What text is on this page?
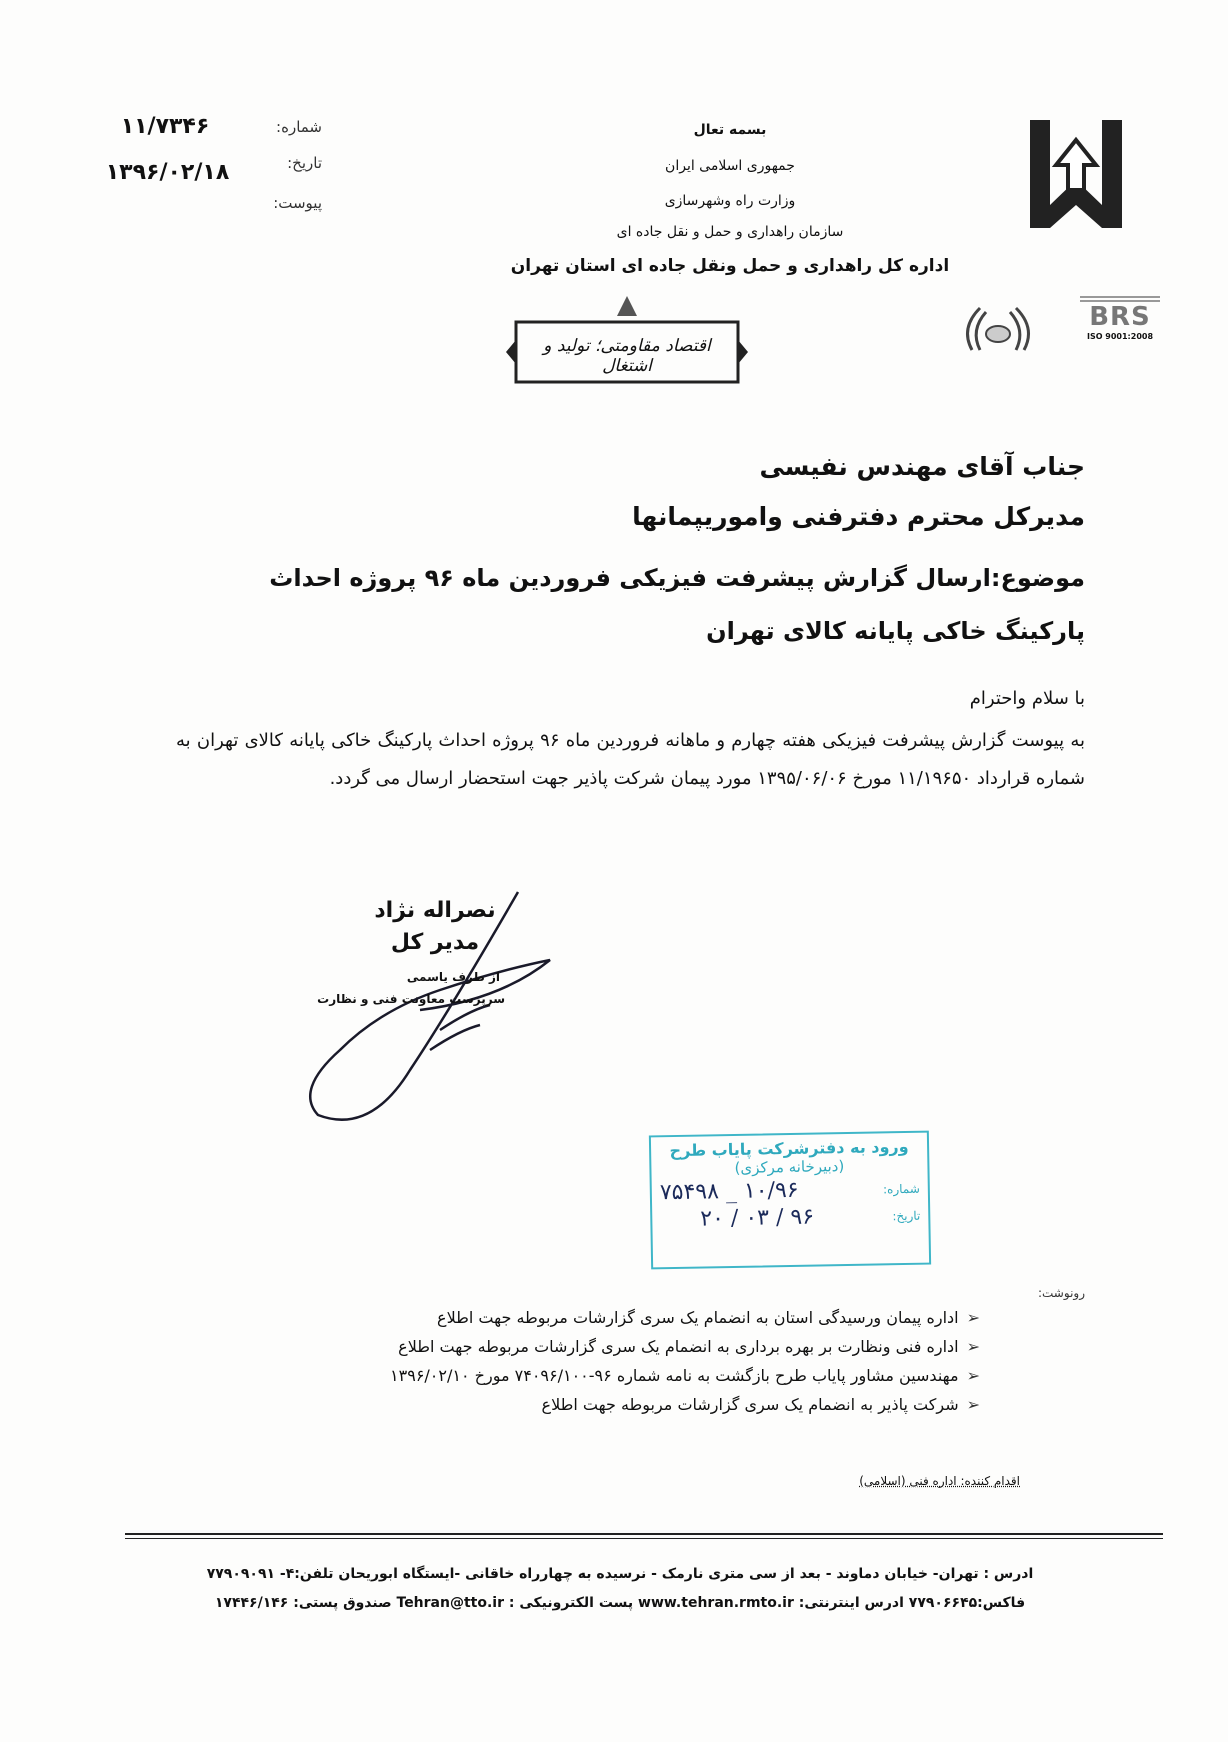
BRS
ISO 9001:2008
بسمه تعال
جمهوری اسلامی ایران
وزارت راه وشهرسازی
سازمان راهداری و حمل و نقل جاده ای
اداره کل راهداری و حمل ونقل جاده ای استان تهران
اقتصاد مقاومتی؛ تولید و اشتغال
شماره:
۱۱/۷۳۴۶
تاریخ:
۱۳۹۶/۰۲/۱۸
پیوست:
جناب آقای مهندس نفیسی
مدیرکل محترم دفترفنی واموریپمانها
موضوع:ارسال گزارش پیشرفت فیزیکی فروردین ماه ۹۶ پروژه احداث پارکینگ خاکی پایانه کالای تهران
با سلام واحترام
به پیوست گزارش پیشرفت فیزیکی هفته چهارم و ماهانه فروردین ماه ۹۶ پروژه احداث پارکینگ خاکی پایانه کالای تهران به شماره قرارداد ۱۱/۱۹۶۵۰ مورخ ۱۳۹۵/۰۶/۰۶ مورد پیمان شرکت پاذیر جهت استحضار ارسال می گردد.
نصراله نژاد
مدیر کل
از طرف یاسمی
سرپرست معاونت فنی و نظارت
ورود به دفترشرکت پایاب طرح
(دبیرخانه مرکزی)
شماره:
۱۰/۹۶ _ ۷۵۴۹۸
تاریخ:
۹۶ / ۰۳ / ۲۰
رونوشت:
➢اداره پیمان ورسیدگی استان به انضمام یک سری گزارشات مربوطه جهت اطلاع
➢اداره فنی ونظارت بر بهره برداری به انضمام یک سری گزارشات مربوطه جهت اطلاع
➢مهندسین مشاور پایاب طرح بازگشت به نامه شماره ۹۶-۷۴۰۹۶/۱۰۰ مورخ ۱۳۹۶/۰۲/۱۰
➢شرکت پاذیر به انضمام یک سری گزارشات مربوطه جهت اطلاع
اقدام کننده: اداره فنی (اسلامی)
ادرس : تهران- خیابان دماوند - بعد از سی متری نارمک - نرسیده به چهارراه خاقانی -ایستگاه ابوریحان تلفن:۴- ۷۷۹۰۹۰۹۱
فاکس:۷۷۹۰۶۶۴۵ ادرس اینترنتی: www.tehran.rmto.ir پست الکترونیکی : Tehran@tto.ir صندوق پستی: ۱۷۴۴۶/۱۴۶
